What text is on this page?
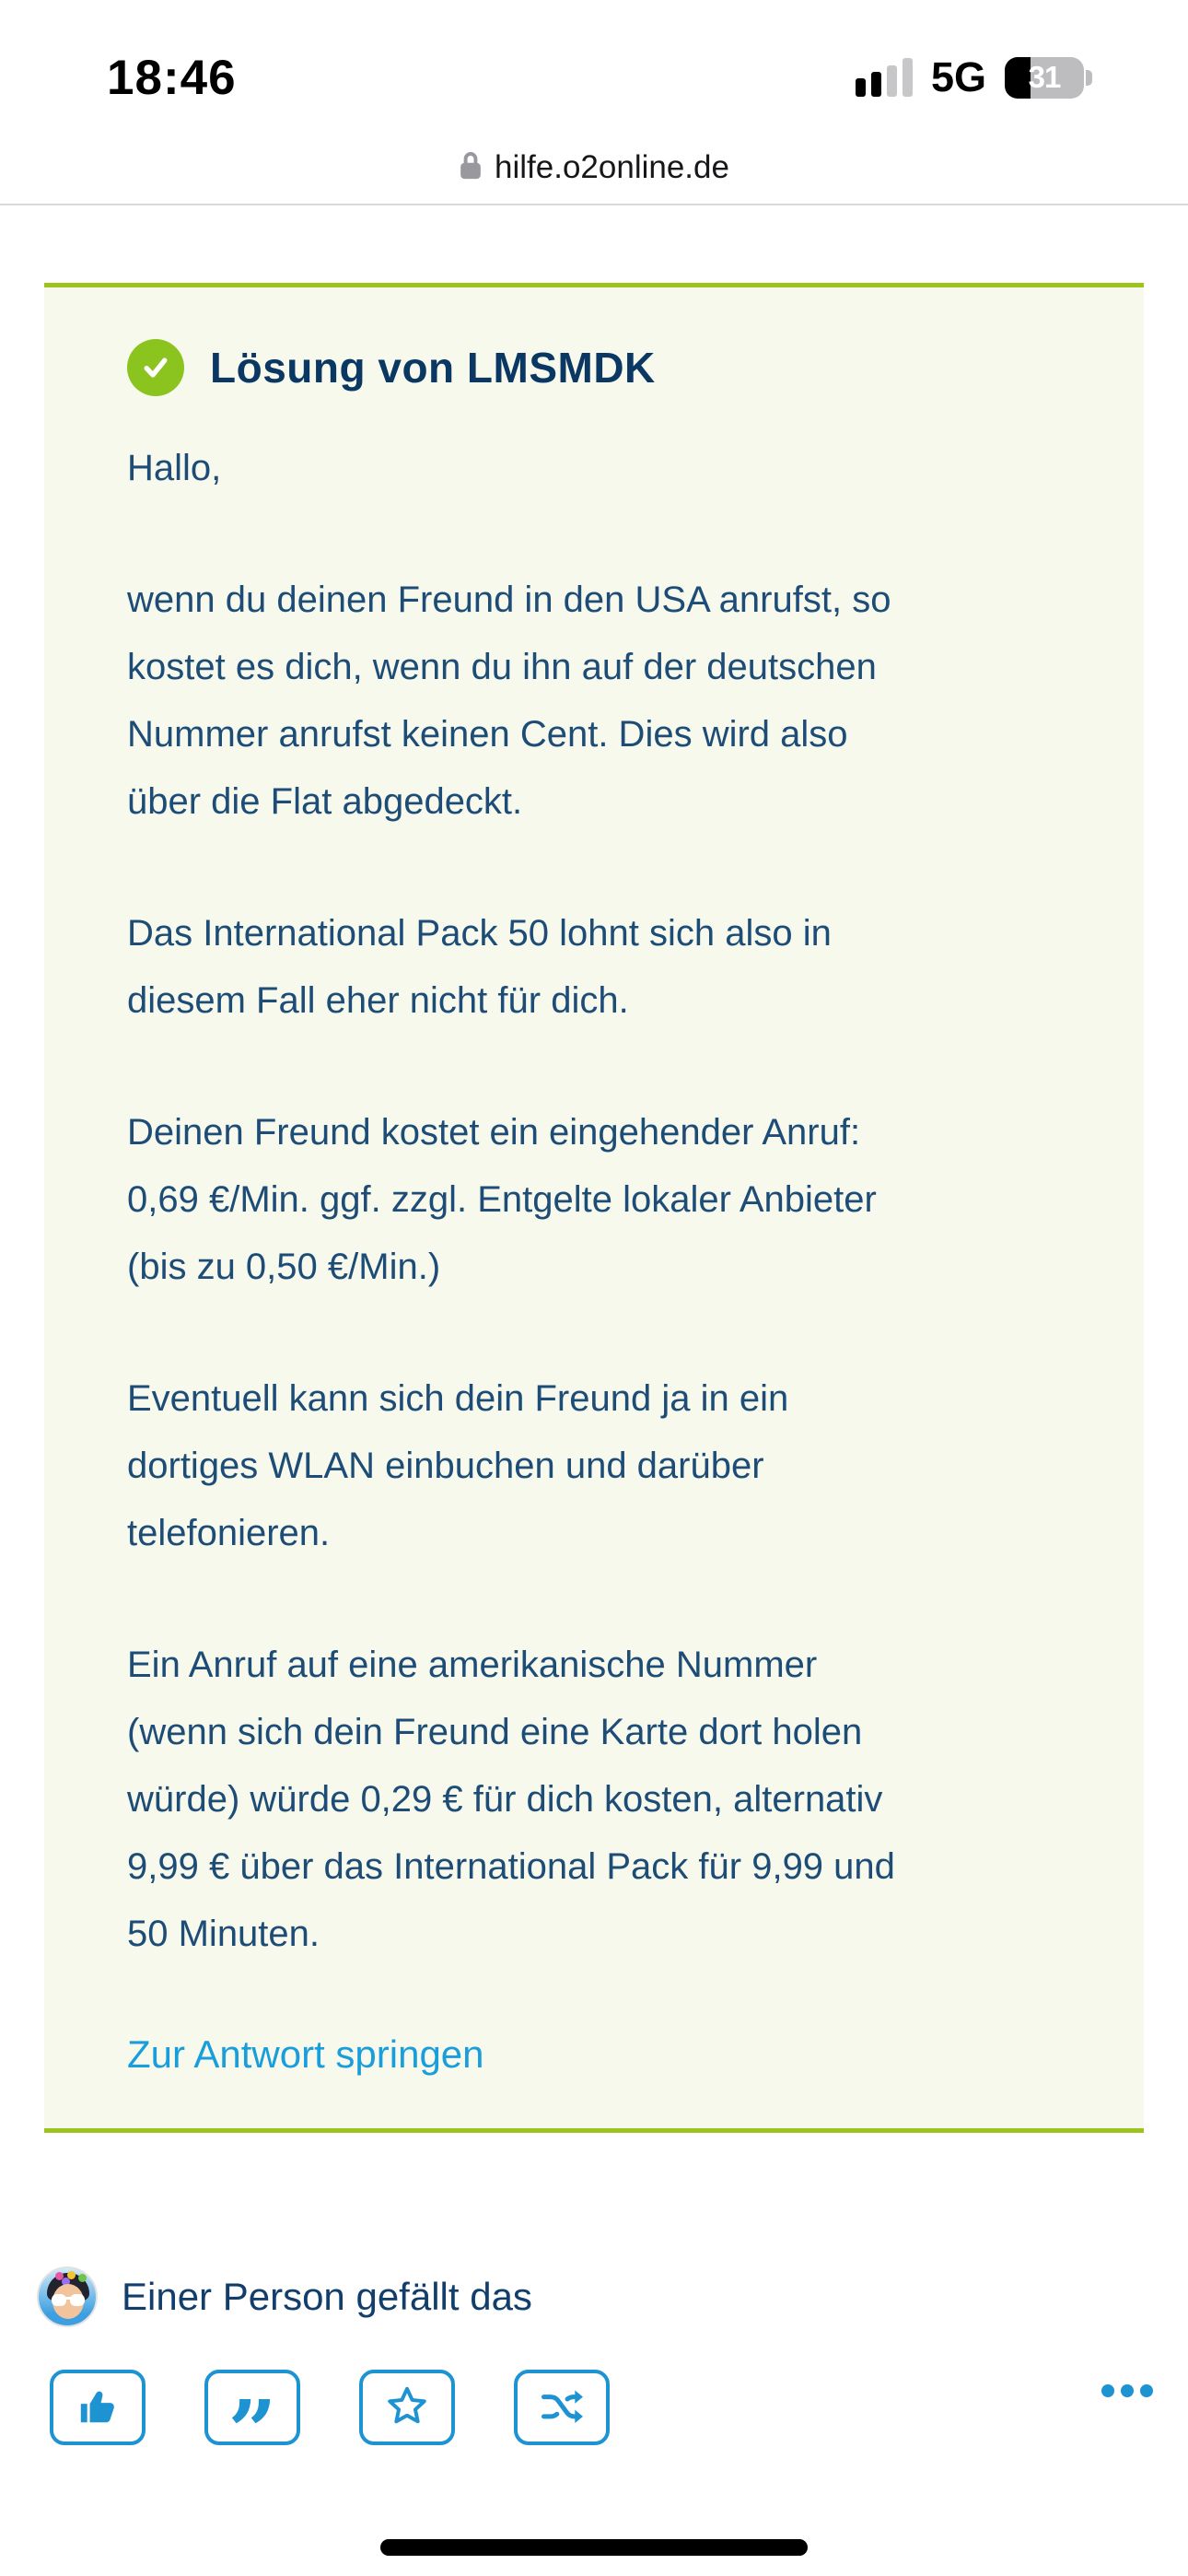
18:46	5G	31
hilfe.o2online.de
Lösung von LMSMDK

Hallo,

wenn du deinen Freund in den USA anrufst, so
kostet es dich, wenn du ihn auf der deutschen
Nummer anrufst keinen Cent. Dies wird also
über die Flat abgedeckt.

Das International Pack 50 lohnt sich also in
diesem Fall eher nicht für dich.

Deinen Freund kostet ein eingehender Anruf:
0,69 €/Min. ggf. zzgl. Entgelte lokaler Anbieter
(bis zu 0,50 €/Min.)

Eventuell kann sich dein Freund ja in ein
dortiges WLAN einbuchen und darüber
telefonieren.

Ein Anruf auf eine amerikanische Nummer
(wenn sich dein Freund eine Karte dort holen
würde) würde 0,29 € für dich kosten, alternativ
9,99 € über das International Pack für 9,99 und
50 Minuten.

Zur Antwort springen
Einer Person gefällt das
”
